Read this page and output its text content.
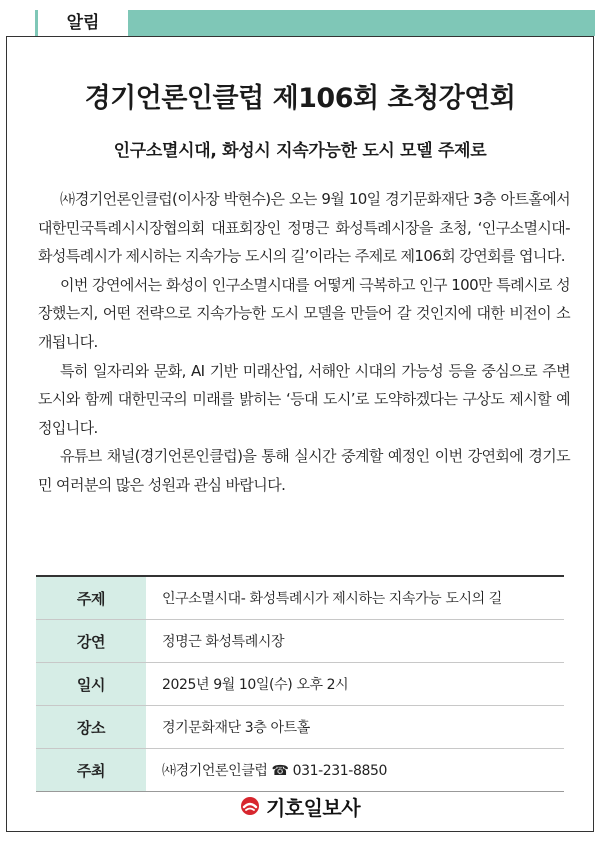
알림
경기언론인클럽 제106회 초청강연회
인구소멸시대, 화성시 지속가능한 도시 모델 주제로

㈔경기언론인클럽(이사장 박현수)은 오는 9월 10일 경기문화재단 3층 아트홀에서 대한민국특례시시장협의회 대표회장인 정명근 화성특례시장을 초청, ‘인구소멸시대-화성특례시가 제시하는 지속가능 도시의 길’이라는 주제로 제106회 강연회를 엽니다.

이번 강연에서는 화성이 인구소멸시대를 어떻게 극복하고 인구 100만 특례시로 성장했는지, 어떤 전략으로 지속가능한 도시 모델을 만들어 갈 것인지에 대한 비전이 소개됩니다.

특히 일자리와 문화, AI 기반 미래산업, 서해안 시대의 가능성 등을 중심으로 주변 도시와 함께 대한민국의 미래를 밝히는 ‘등대 도시’로 도약하겠다는 구상도 제시할 예정입니다.

유튜브 채널(경기언론인클럽)을 통해 실시간 중계할 예정인 이번 강연회에 경기도민 여러분의 많은 성원과 관심 바랍니다.

주제	인구소멸시대- 화성특례시가 제시하는 지속가능 도시의 길
강연	정명근 화성특례시장
일시	2025년 9월 10일(수) 오후 2시
장소	경기문화재단 3층 아트홀
주최	㈔경기언론인클럽 ☎ 031-231-8850
기호일보사
